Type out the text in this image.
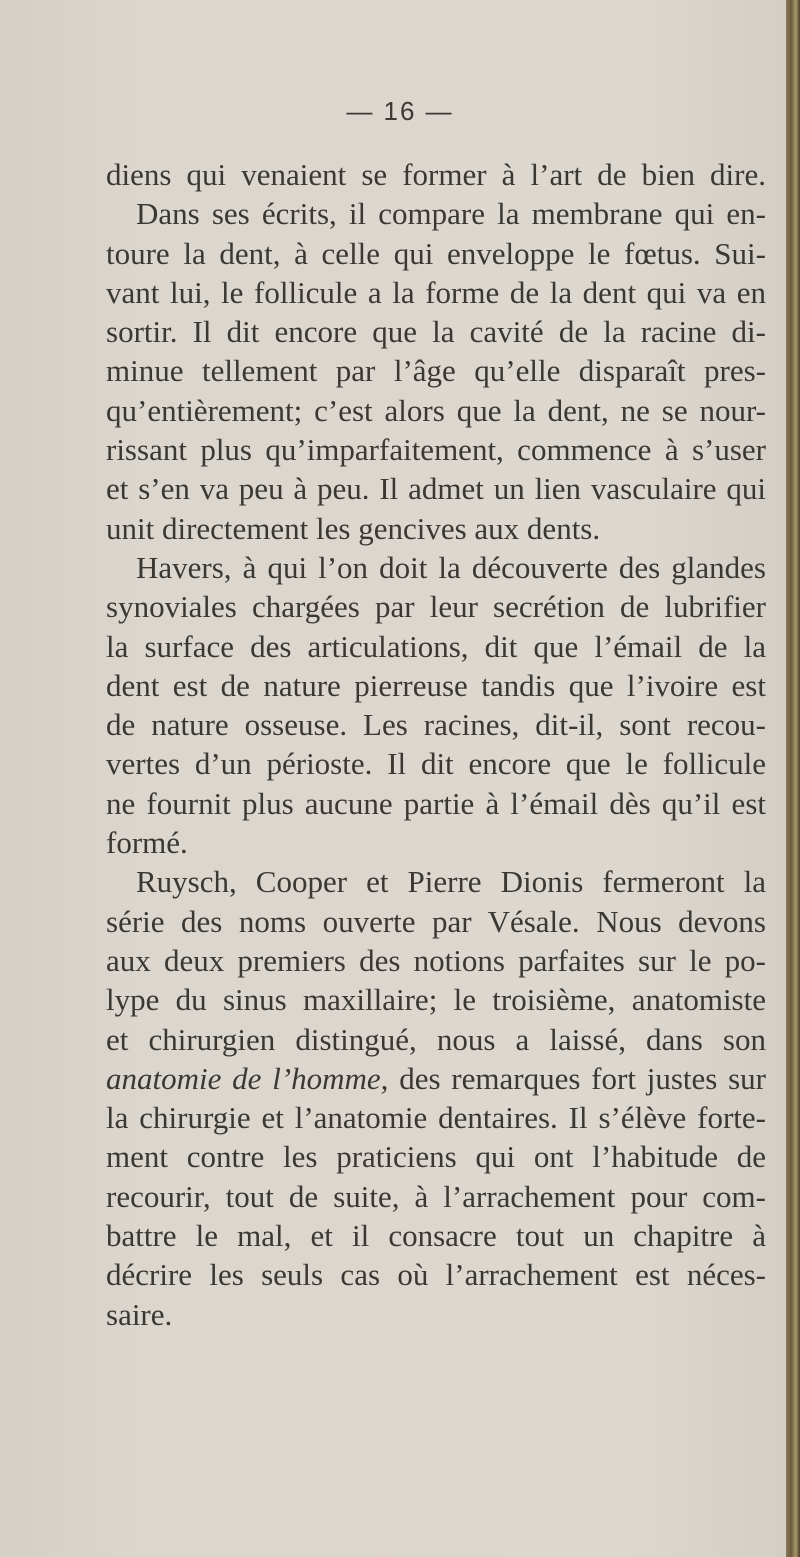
— 16 —
diens qui venaient se former à l’art de bien dire.
Dans ses écrits, il compare la membrane qui en-
toure la dent, à celle qui enveloppe le fœtus. Sui-
vant lui, le follicule a la forme de la dent qui va en
sortir. Il dit encore que la cavité de la racine di-
minue tellement par l’âge qu’elle disparaît pres-
qu’entièrement; c’est alors que la dent, ne se nour-
rissant plus qu’imparfaitement, commence à s’user
et s’en va peu à peu. Il admet un lien vasculaire qui
unit directement les gencives aux dents.
Havers, à qui l’on doit la découverte des glandes
synoviales chargées par leur secrétion de lubrifier
la surface des articulations, dit que l’émail de la
dent est de nature pierreuse tandis que l’ivoire est
de nature osseuse. Les racines, dit-il, sont recou-
vertes d’un périoste. Il dit encore que le follicule
ne fournit plus aucune partie à l’émail dès qu’il est
formé.
Ruysch, Cooper et Pierre Dionis fermeront la
série des noms ouverte par Vésale. Nous devons
aux deux premiers des notions parfaites sur le po-
lype du sinus maxillaire; le troisième, anatomiste
et chirurgien distingué, nous a laissé, dans son
anatomie de l’homme, des remarques fort justes sur
la chirurgie et l’anatomie dentaires. Il s’élève forte-
ment contre les praticiens qui ont l’habitude de
recourir, tout de suite, à l’arrachement pour com-
battre le mal, et il consacre tout un chapitre à
décrire les seuls cas où l’arrachement est néces-
saire.
